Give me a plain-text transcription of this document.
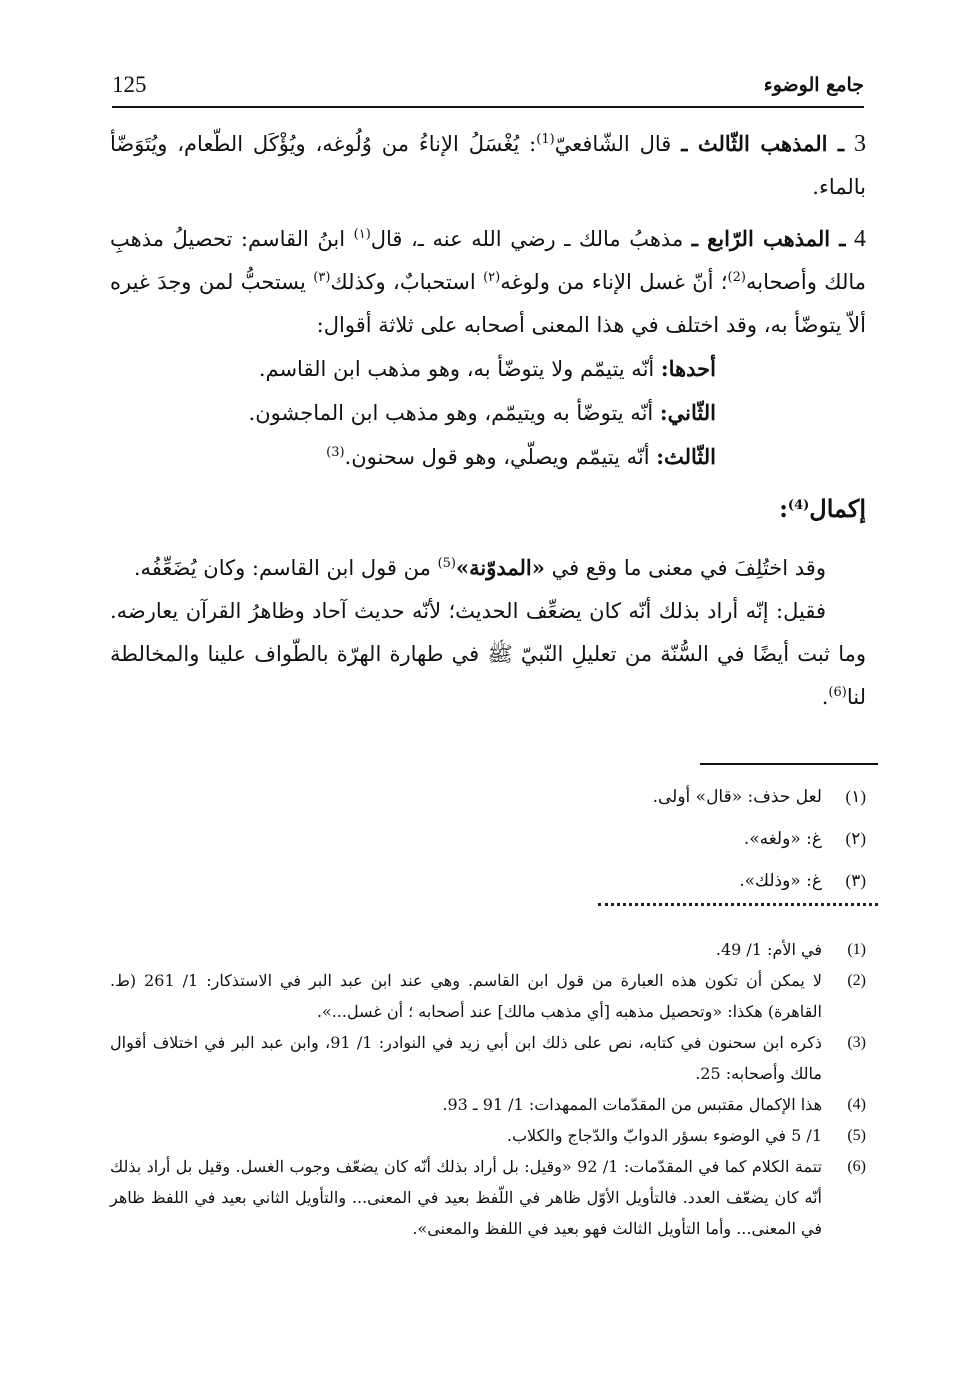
125	جامع الوضوء

3 ـ المذهب الثّالث ـ قال الشّافعيّ$^{(1)}$: يُغْسَلُ الإناءُ من وُلُوغه، ويُؤْكَل الطّعام، ويُتَوَضّأ بالماء.

4 ـ المذهب الرّابع ـ مذهبُ مالك ـ رضي الله عنه ـ، قال$^{(١)}$ ابنُ القاسم: تحصيلُ مذهبِ مالك وأصحابه$^{(2)}$؛ أنّ غسل الإناء من ولوغه$^{(٢)}$ استحبابٌ، وكذلك$^{(٣)}$ يستحبُّ لمن وجدَ غيره ألاّ يتوضّأ به، وقد اختلف في هذا المعنى أصحابه على ثلاثة أقوال:

أحدها: أنّه يتيمّم ولا يتوضّأ به، وهو مذهب ابن القاسم.

الثّاني: أنّه يتوضّأ به ويتيمّم، وهو مذهب ابن الماجشون.

الثّالث: أنّه يتيمّم ويصلّي، وهو قول سحنون.$^{(3)}$

إكمال$^{(4)}$:

وقد اختُلِفَ في معنى ما وقع في «المدوّنة»$^{(5)}$ من قول ابن القاسم: وكان يُضَعِّفُه.

فقيل: إنّه أراد بذلك أنّه كان يضعِّف الحديث؛ لأنّه حديث آحاد وظاهرُ القرآن يعارضه. وما ثبت أيضًا في السُّنّة من تعليلِ النّبيّ ﷺ في طهارة الهرّة بالطّواف علينا والمخالطة لنا$^{(6)}$.

(١)
لعل حذف: «قال» أولى.

(٢)
غ: «ولغه».

(٣)
غ: «وذلك».

(1)
في الأم: 1/ 49.

(2)
لا يمكن أن تكون هذه العبارة من قول ابن القاسم. وهي عند ابن عبد البر في الاستذكار: 1/ 261 (ط. القاهرة) هكذا: «وتحصيل مذهبه [أي مذهب مالك] عند أصحابه ؛ أن غسل...».

(3)
ذكره ابن سحنون في كتابه، نص على ذلك ابن أبي زيد في النوادر: 1/ 91، وابن عبد البر في اختلاف أقوال مالك وأصحابه: 25.

(4)
هذا الإكمال مقتبس من المقدّمات الممهدات: 1/ 91 ـ 93.

(5)
1/ 5 في الوضوء بسؤر الدوابّ والدّجاج والكلاب.

(6)
تتمة الكلام كما في المقدّمات: 1/ 92 «وقيل: بل أراد بذلك أنّه كان يضعّف وجوب الغسل. وقيل بل أراد بذلك أنّه كان يضعّف العدد. فالتأويل الأوّل ظاهر في اللّفظ بعيد في المعنى... والتأويل الثاني بعيد في اللفظ ظاهر في المعنى... وأما التأويل الثالث فهو بعيد في اللفظ والمعنى».
